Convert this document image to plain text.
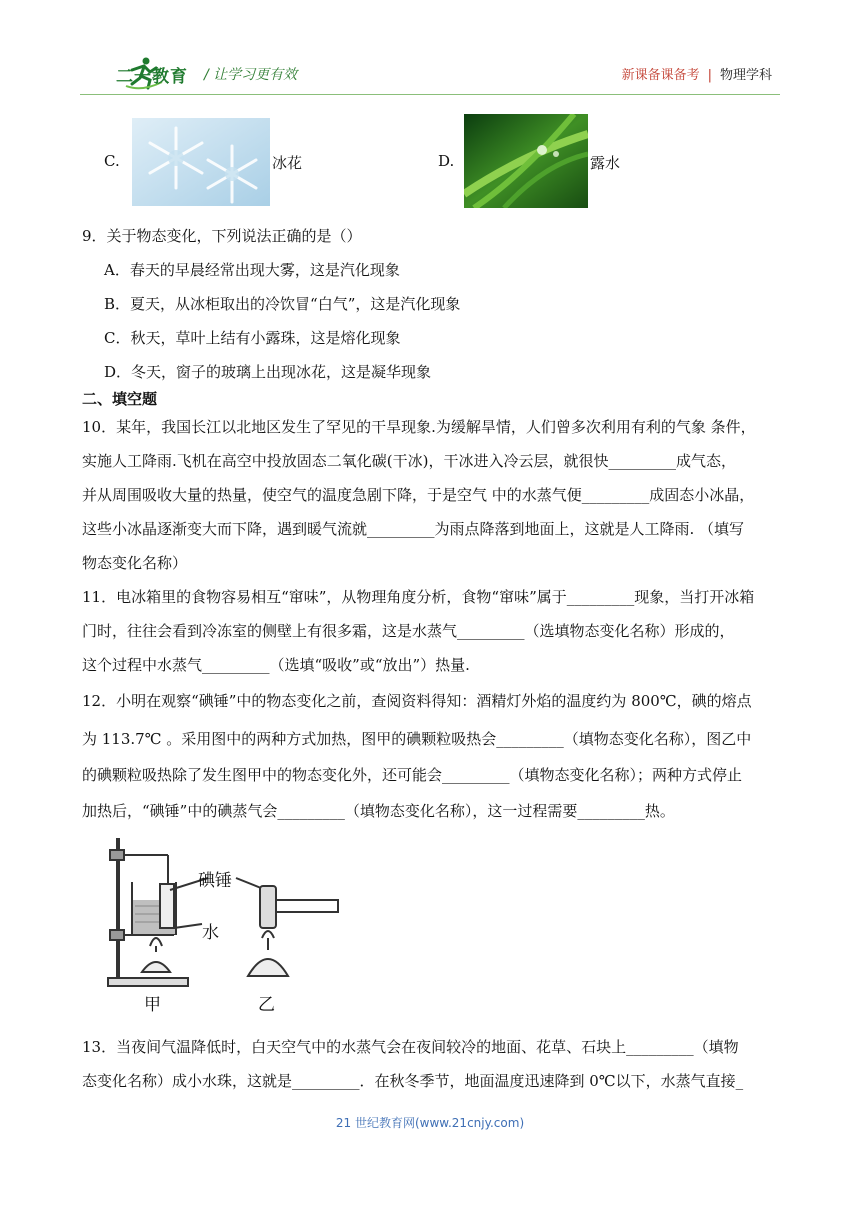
二一教育 / 让学习更有效	新课备课备考 | 物理学科
C.	冰花	D.	露水
9．关于物态变化，下列说法正确的是（）
A．春天的早晨经常出现大雾，这是汽化现象
B．夏天，从冰柜取出的冷饮冒“白气”，这是汽化现象
C．秋天，草叶上结有小露珠，这是熔化现象
D．冬天，窗子的玻璃上出现冰花，这是凝华现象
二、填空题
10．某年，我国长江以北地区发生了罕见的干旱现象.为缓解旱情，人们曾多次利用有利的气象 条件，
实施人工降雨.飞机在高空中投放固态二氧化碳(干冰)，干冰进入冷云层，就很快_________成气态，
并从周围吸收大量的热量，使空气的温度急剧下降，于是空气 中的水蒸气便_________成固态小冰晶，
这些小冰晶逐渐变大而下降，遇到暖气流就_________为雨点降落到地面上，这就是人工降雨. （填写
物态变化名称）
11．电冰箱里的食物容易相互“窜味”，从物理角度分析，食物“窜味”属于_________现象，当打开冰箱
门时，往往会看到冷冻室的侧壁上有很多霜，这是水蒸气_________（选填物态变化名称）形成的，
这个过程中水蒸气_________（选填“吸收”或“放出”）热量.
12．小明在观察“碘锤”中的物态变化之前，查阅资料得知：酒精灯外焰的温度约为 800℃，碘的熔点
为 113.7℃ 。采用图中的两种方式加热，图甲的碘颗粒吸热会_________（填物态变化名称），图乙中
的碘颗粒吸热除了发生图甲中的物态变化外，还可能会_________（填物态变化名称）；两种方式停止
加热后，“碘锤”中的碘蒸气会_________（填物态变化名称），这一过程需要_________热。
碘锤
水
甲	乙
13．当夜间气温降低时，白天空气中的水蒸气会在夜间较冷的地面、花草、石块上_________（填物
态变化名称）成小水珠，这就是_________．在秋冬季节，地面温度迅速降到 0℃以下，水蒸气直接_
21 世纪教育网(www.21cnjy.com)
